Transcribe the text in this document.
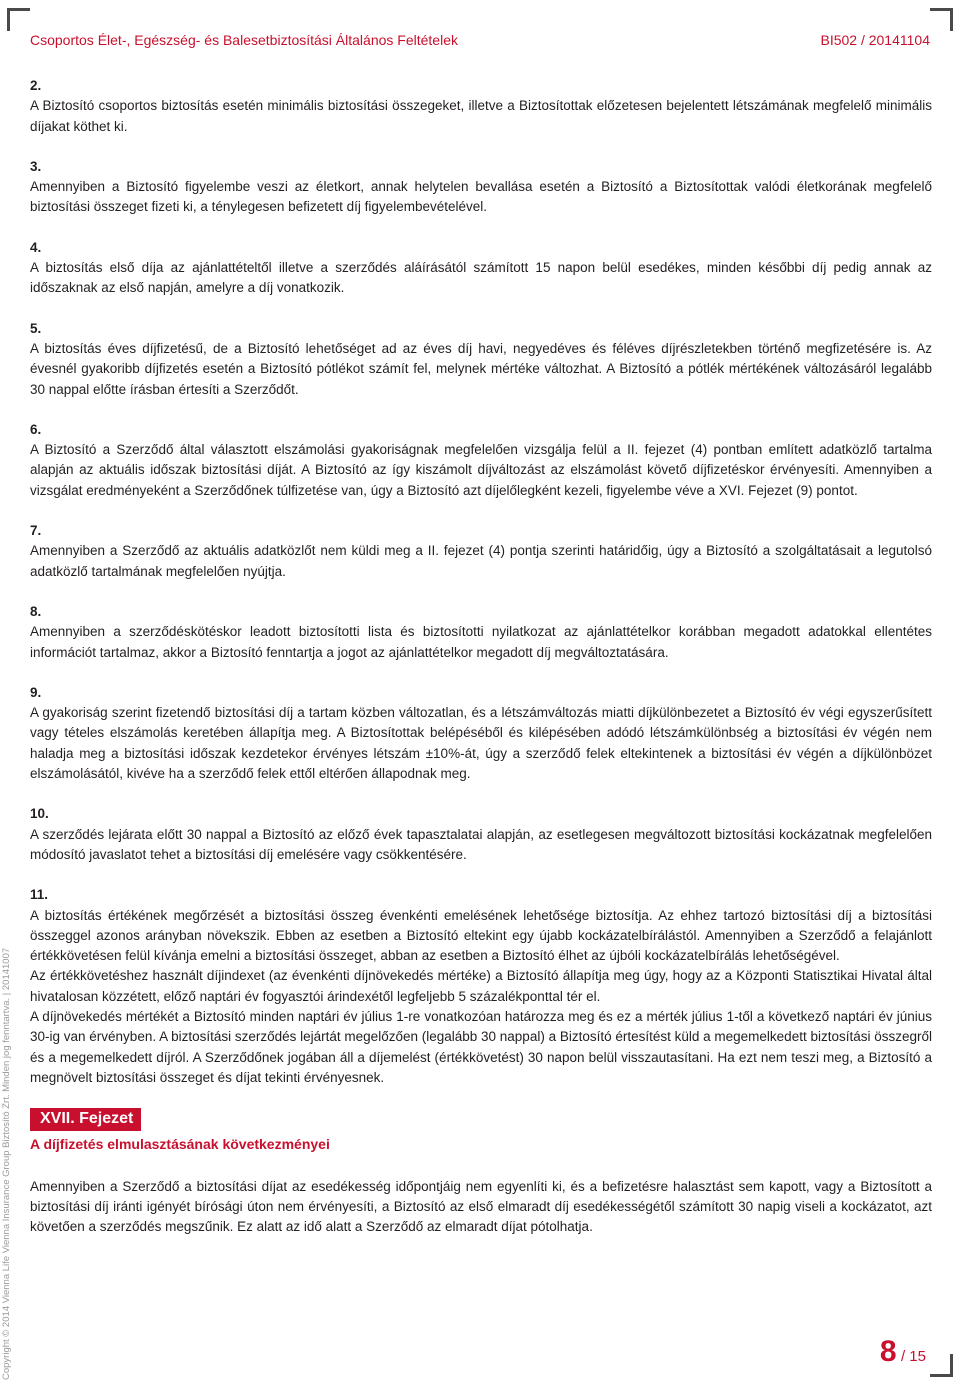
Csoportos Élet-, Egészség- és Balesetbiztosítási Általános Feltételek	BI502 / 20141104
Copyright © 2014 Vienna Life Vienna Insurance Group Biztosító Zrt. Minden jog fenntartva. | 20141007

2.

A Biztosító csoportos biztosítás esetén minimális biztosítási összegeket, illetve a Biztosítottak előzetesen bejelentett létszámának megfelelő minimális díjakat köthet ki.

3.

Amennyiben a Biztosító figyelembe veszi az életkort, annak helytelen bevallása esetén a Biztosító a Biztosítottak valódi életkorának megfelelő biztosítási összeget fizeti ki, a ténylegesen befizetett díj figyelembevételével.

4.

A biztosítás első díja az ajánlattételtől illetve a szerződés aláírásától számított 15 napon belül esedékes, minden későbbi díj pedig annak az időszaknak az első napján, amelyre a díj vonatkozik.

5.

A biztosítás éves díjfizetésű, de a Biztosító lehetőséget ad az éves díj havi, negyedéves és féléves díjrészletekben történő megfizetésére is. Az évesnél gyakoribb díjfizetés esetén a Biztosító pótlékot számít fel, melynek mértéke változhat. A Biztosító a pótlék mértékének változásáról legalább 30 nappal előtte írásban értesíti a Szerződőt.

6.

A Biztosító a Szerződő által választott elszámolási gyakoriságnak megfelelően vizsgálja felül a II. fejezet (4) pontban említett adatközlő tartalma alapján az aktuális időszak biztosítási díját. A Biztosító az így kiszámolt díjváltozást az elszámolást követő díjfizetéskor érvényesíti. Amennyiben a vizsgálat eredményeként a Szerződőnek túlfizetése van, úgy a Biztosító azt díjelőlegként kezeli, figyelembe véve a XVI. Fejezet (9) pontot.

7.

Amennyiben a Szerződő az aktuális adatközlőt nem küldi meg a II. fejezet (4) pontja szerinti határidőig, úgy a Biztosító a szolgáltatásait a legutolsó adatközlő tartalmának megfelelően nyújtja.

8.

Amennyiben a szerződéskötéskor leadott biztosítotti lista és biztosítotti nyilatkozat az ajánlattételkor korábban megadott adatokkal ellentétes információt tartalmaz, akkor a Biztosító fenntartja a jogot az ajánlattételkor megadott díj megváltoztatására.

9.

A gyakoriság szerint fizetendő biztosítási díj a tartam közben változatlan, és a létszámváltozás miatti díjkülönbezetet a Biztosító év végi egyszerűsített vagy tételes elszámolás keretében állapítja meg. A Biztosítottak belépéséből és kilépésében adódó létszámkülönbség a biztosítási év végén nem haladja meg a biztosítási időszak kezdetekor érvényes létszám ±10%-át, úgy a szerződő felek eltekintenek a biztosítási év végén a díjkülönbözet elszámolásától, kivéve ha a szerződő felek ettől eltérően állapodnak meg.

10.

A szerződés lejárata előtt 30 nappal a Biztosító az előző évek tapasztalatai alapján, az esetlegesen megváltozott biztosítási kockázatnak megfelelően módosító javaslatot tehet a biztosítási díj emelésére vagy csökkentésére.

11.

A biztosítás értékének megőrzését a biztosítási összeg évenkénti emelésének lehetősége biztosítja. Az ehhez tartozó biztosítási díj a biztosítási összeggel azonos arányban növekszik. Ebben az esetben a Biztosító eltekint egy újabb kockázatelbírálástól. Amennyiben a Szerződő a felajánlott értékkövetésen felül kívánja emelni a biztosítási összeget, abban az esetben a Biztosító élhet az újbóli kockázatelbírálás lehetőségével.

Az értékkövetéshez használt díjindexet (az évenkénti díjnövekedés mértéke) a Biztosító állapítja meg úgy, hogy az a Központi Statisztikai Hivatal által hivatalosan közzétett, előző naptári év fogyasztói árindexétől legfeljebb 5 százalékponttal tér el.

A díjnövekedés mértékét a Biztosító minden naptári év július 1-re vonatkozóan határozza meg és ez a mérték július 1-től a következő naptári év június 30-ig van érvényben. A biztosítási szerződés lejártát megelőzően (legalább 30 nappal) a Biztosító értesítést küld a megemelkedett biztosítási összegről és a megemelkedett díjról. A Szerződőnek jogában áll a díjemelést (értékkövetést) 30 napon belül visszautasítani. Ha ezt nem teszi meg, a Biztosító a megnövelt biztosítási összeget és díjat tekinti érvényesnek.

XVII. Fejezet
A díjfizetés elmulasztásának következményei

Amennyiben a Szerződő a biztosítási díjat az esedékesség időpontjáig nem egyenlíti ki, és a befizetésre halasztást sem kapott, vagy a Biztosított a biztosítási díj iránti igényét bírósági úton nem érvényesíti, a Biztosító az első elmaradt díj esedékességétől számított 30 napig viseli a kockázatot, azt követően a szerződés megszűnik. Ez alatt az idő alatt a Szerződő az elmaradt díjat pótolhatja.

8 / 15
